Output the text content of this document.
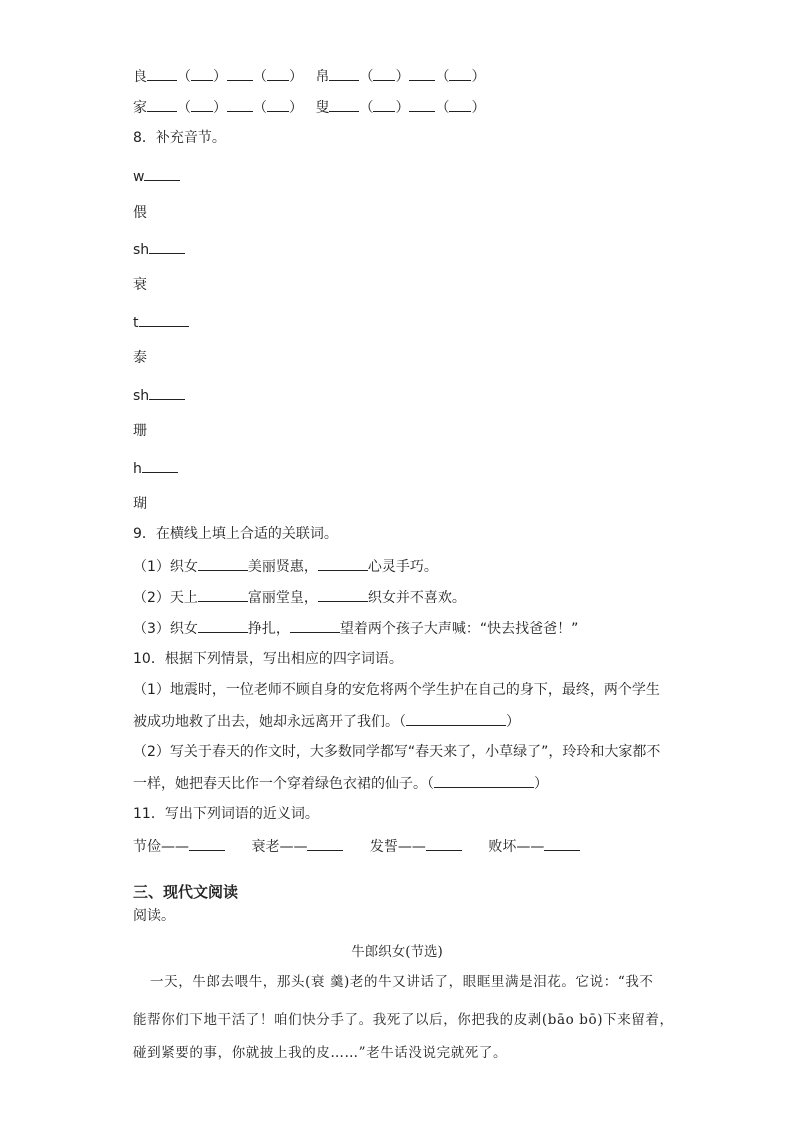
良 （ ） （ ） 帛 （ ） （ ）
家 （ ） （ ） 叟 （ ） （ ）
8．补充音节。
w
偎
sh
衰
t
泰
sh
珊
h
瑚
9．在横线上填上合适的关联词。
（1）织女	美丽贤惠，	心灵手巧。
（2）天上	富丽堂皇，	织女并不喜欢。
（3）织女	挣扎，	望着两个孩子大声喊：“快去找爸爸！”
10．根据下列情景，写出相应的四字词语。
（1）地震时，一位老师不顾自身的安危将两个学生护在自己的身下，最终，两个学生
被成功地救了出去，她却永远离开了我们。（	）
（2）写关于春天的作文时，大多数同学都写“春天来了，小草绿了”，玲玲和大家都不
一样，她把春天比作一个穿着绿色衣裙的仙子。（	）
11．写出下列词语的近义词。
节俭——	衰老——	发誓——	败坏——
三、现代文阅读
阅读。
牛郎织女(节选)
一天，牛郎去喂牛，那头(衰 羹)老的牛又讲话了，眼眶里满是泪花。它说：“我不
能帮你们下地干活了！咱们快分手了。我死了以后，你把我的皮剥(bāo bō)下来留着，
碰到紧要的事，你就披上我的皮……”老牛话没说完就死了。
